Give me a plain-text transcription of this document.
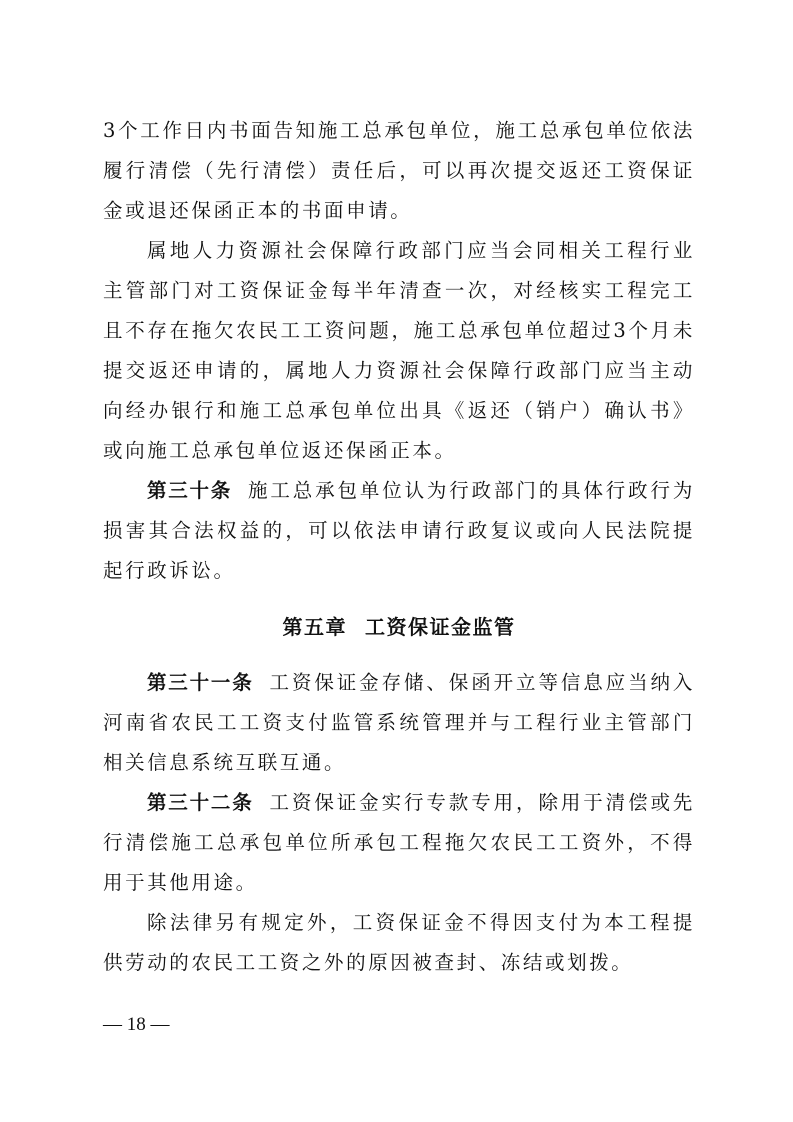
3个工作日内书面告知施工总承包单位，施工总承包单位依法履行清偿（先行清偿）责任后，可以再次提交返还工资保证金或退还保函正本的书面申请。

属地人力资源社会保障行政部门应当会同相关工程行业主管部门对工资保证金每半年清查一次，对经核实工程完工且不存在拖欠农民工工资问题，施工总承包单位超过3个月未提交返还申请的，属地人力资源社会保障行政部门应当主动向经办银行和施工总承包单位出具《返还（销户）确认书》或向施工总承包单位返还保函正本。

第三十条 施工总承包单位认为行政部门的具体行政行为损害其合法权益的，可以依法申请行政复议或向人民法院提起行政诉讼。

第五章 工资保证金监管

第三十一条 工资保证金存储、保函开立等信息应当纳入河南省农民工工资支付监管系统管理并与工程行业主管部门相关信息系统互联互通。

第三十二条 工资保证金实行专款专用，除用于清偿或先行清偿施工总承包单位所承包工程拖欠农民工工资外，不得用于其他用途。

除法律另有规定外，工资保证金不得因支付为本工程提供劳动的农民工工资之外的原因被查封、冻结或划拨。

— 18 —
